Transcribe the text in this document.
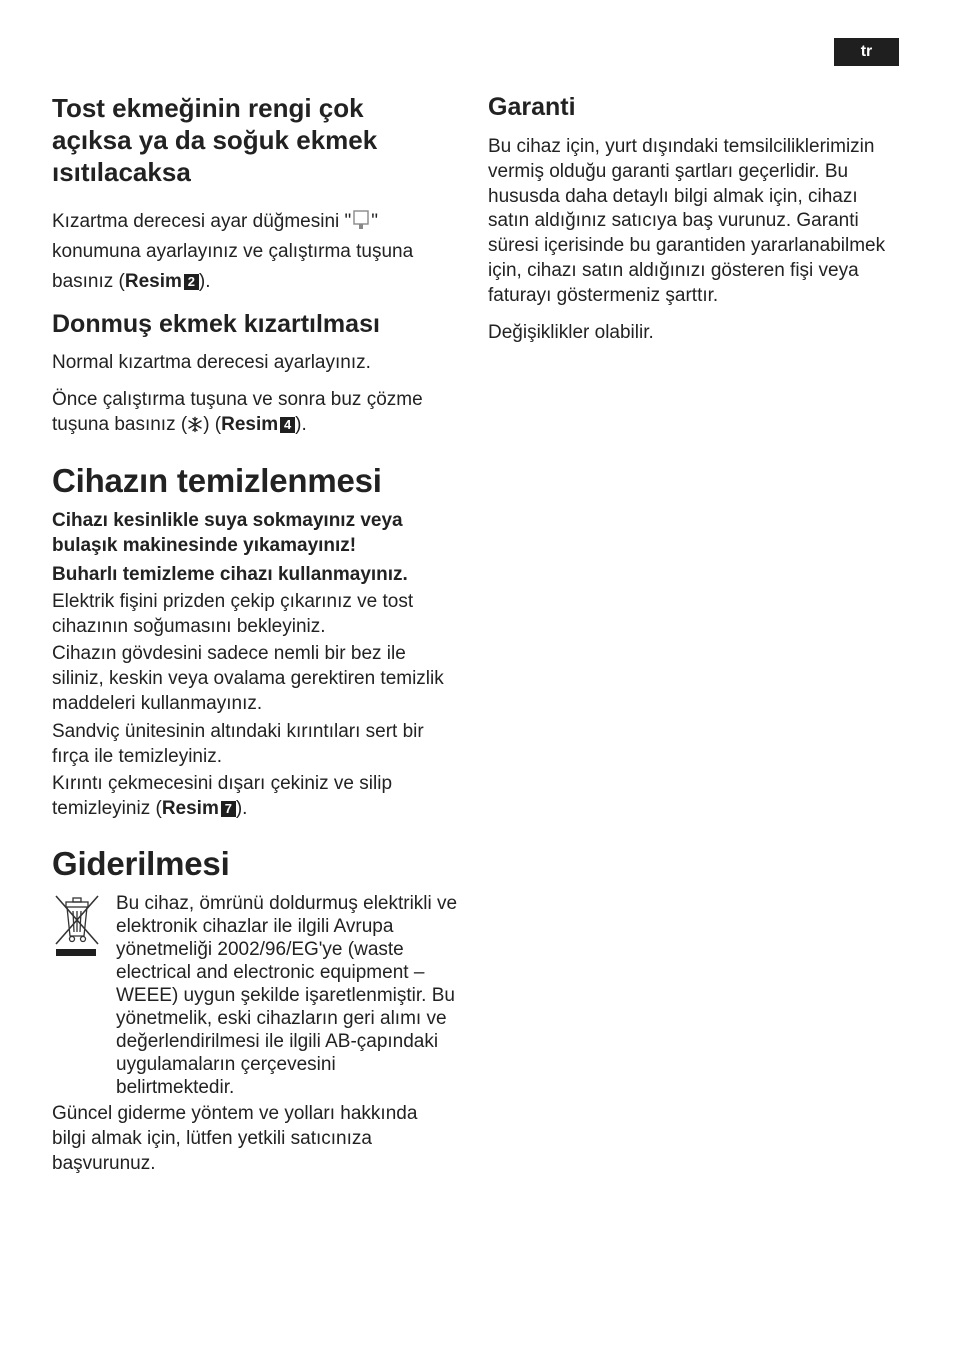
tr
Tost ekmeğinin rengi çok açıksa ya da soğuk ekmek ısıtılacaksa

Kızartma derecesi ayar düğmesini " " konumuna ayarlayınız ve çalıştırma tuşuna basınız (Resim 2 ).

Donmuş ekmek kızartılması

Normal kızartma derecesi ayarlayınız.

Önce çalıştırma tuşuna ve sonra buz çözme tuşuna basınız ( ) (Resim 4 ).

Cihazın temizlenmesi

Cihazı kesinlikle suya sokmayınız veya bulaşık makinesinde yıkamayınız!

Buharlı temizleme cihazı kullanmayınız.

Elektrik fişini prizden çekip çıkarınız ve tost cihazının soğumasını bekleyiniz.

Cihazın gövdesini sadece nemli bir bez ile siliniz, keskin veya ovalama gerektiren temizlik maddeleri kullanmayınız.

Sandviç ünitesinin altındaki kırıntıları sert bir fırça ile temizleyiniz.

Kırıntı çekmecesini dışarı çekiniz ve silip temizleyiniz (Resim 7 ).

Giderilmesi

Bu cihaz, ömrünü doldurmuş elektrikli ve elektronik cihazlar ile ilgili Avrupa yönetmeliği 2002/96/EG'ye (waste electrical and electronic equipment – WEEE) uygun şekilde işaretlenmiştir. Bu yönetmelik, eski cihazların geri alımı ve değerlendirilmesi ile ilgili AB-çapındaki uygulamaların çerçevesini belirtmektedir.

Güncel giderme yöntem ve yolları hakkında bilgi almak için, lütfen yetkili satıcınıza başvurunuz.

Garanti

Bu cihaz için, yurt dışındaki temsilciliklerimizin vermiş olduğu garanti şartları geçerlidir. Bu hususda daha detaylı bilgi almak için, cihazı satın aldığınız satıcıya baş vurunuz. Garanti süresi içerisinde bu garantiden yararlanabilmek için, cihazı satın aldığınızı gösteren fişi veya faturayı göstermeniz şarttır.

Değişiklikler olabilir.
